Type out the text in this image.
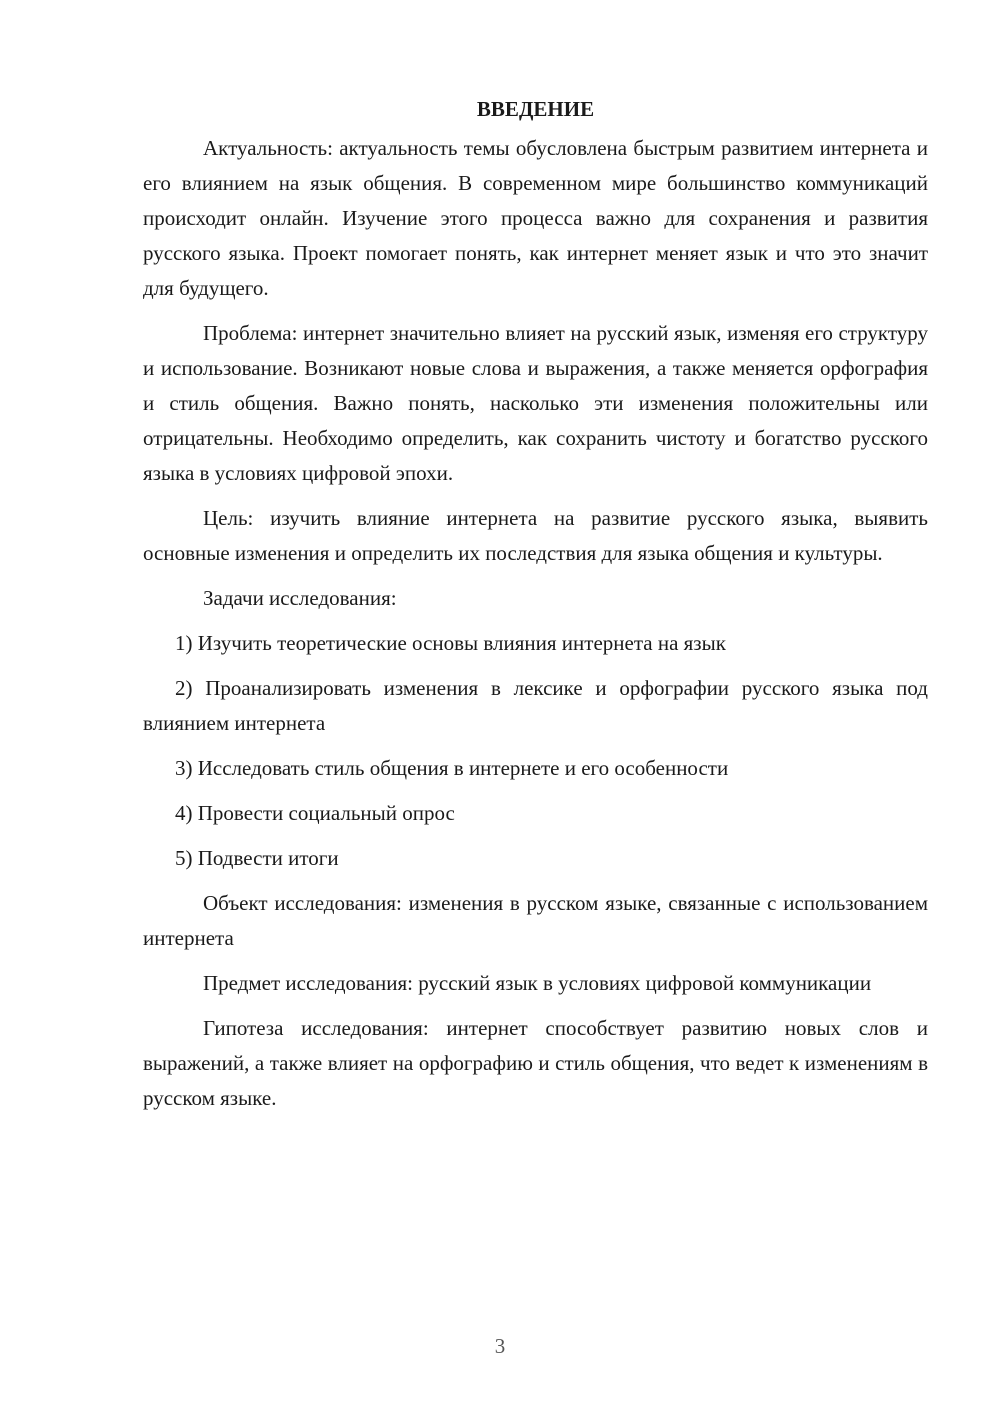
ВВЕДЕНИЕ

Актуальность: актуальность темы обусловлена быстрым развитием интернета и его влиянием на язык общения. В современном мире большинство коммуникаций происходит онлайн. Изучение этого процесса важно для сохранения и развития русского языка. Проект помогает понять, как интернет меняет язык и что это значит для будущего.

Проблема: интернет значительно влияет на русский язык, изменяя его структуру и использование. Возникают новые слова и выражения, а также меняется орфография и стиль общения. Важно понять, насколько эти изменения положительны или отрицательны. Необходимо определить, как сохранить чистоту и богатство русского языка в условиях цифровой эпохи.

Цель: изучить влияние интернета на развитие русского языка, выявить основные изменения и определить их последствия для языка общения и культуры.

Задачи исследования:

1) Изучить теоретические основы влияния интернета на язык

2) Проанализировать изменения в лексике и орфографии русского языка под влиянием интернета

3) Исследовать стиль общения в интернете и его особенности

4) Провести социальный опрос

5) Подвести итоги

Объект исследования: изменения в русском языке, связанные с использованием интернета

Предмет исследования: русский язык в условиях цифровой коммуникации

Гипотеза исследования: интернет способствует развитию новых слов и выражений, а также влияет на орфографию и стиль общения, что ведет к изменениям в русском языке.

3
